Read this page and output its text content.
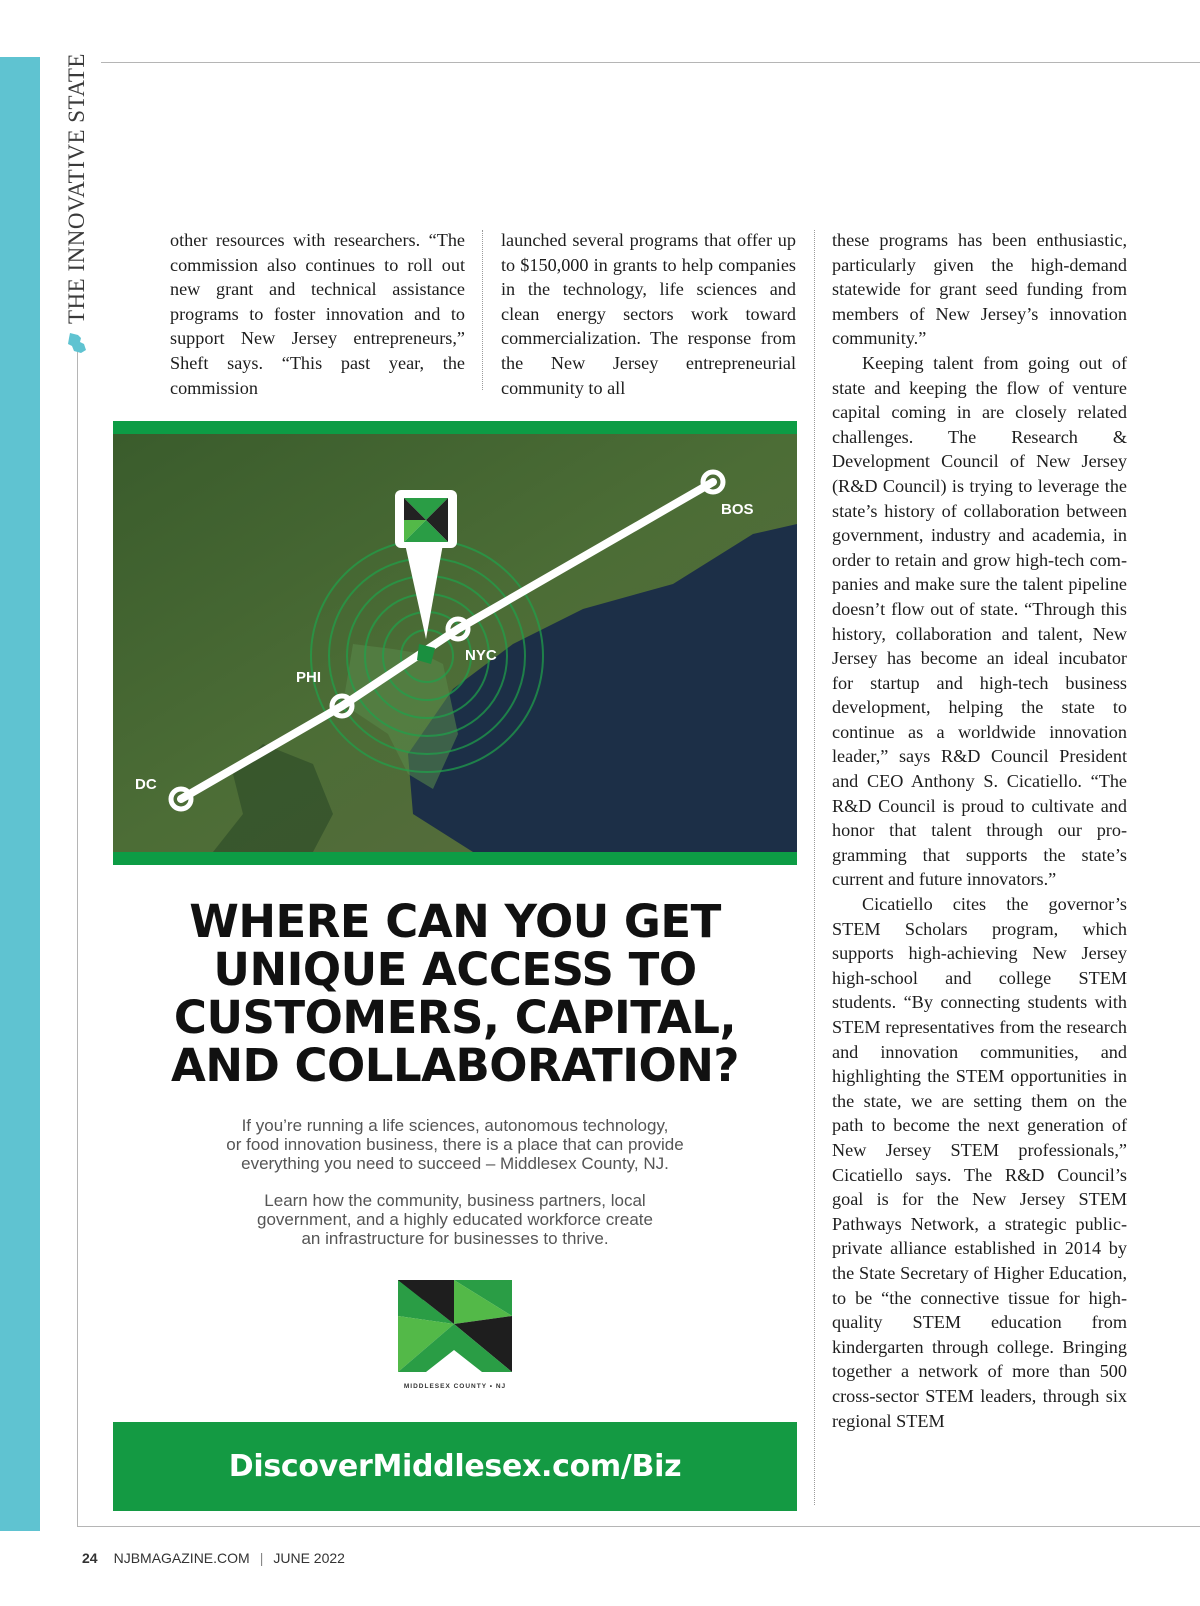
THE INNOVATIVE STATE	other resources with researchers. “The commission also continues to roll out new grant and technical assistance programs to foster innovation and to support New Jersey entrepreneurs,” Sheft says. “This past year, the commission

launched several programs that offer up to $150,000 in grants to help companies in the technology, life sciences and clean energy sectors work toward commercialization. The response from the New Jersey entrepreneurial community to all

these programs has been enthusiastic, particularly given the high-demand statewide for grant seed funding from members of New Jersey’s innovation community.”

Keeping talent from going out of state and keeping the flow of venture capital coming in are closely related challenges. The Research & Development Council of New Jersey (R&D Council) is trying to leverage the state’s history of collaboration between government, industry and academia, in order to retain and grow high-tech companies and make sure the talent pipeline doesn’t flow out of state. “Through this history, collaboration and talent, New Jersey has become an ideal incubator for startup and high-tech business development, helping the state to continue as a worldwide innovation leader,” says R&D Council President and CEO Anthony S. Cicatiello. “The R&D Council is proud to cultivate and honor that talent through our programming that supports the state’s current and future innovators.”

Cicatiello cites the governor’s STEM Scholars program, which supports high-achieving New Jersey high-school and college STEM students. “By connecting students with STEM representatives from the research and innovation communities, and highlighting the STEM opportunities in the state, we are setting them on the path to become the next generation of New Jersey STEM professionals,” Cicatiello says. The R&D Council’s goal is for the New Jersey STEM Pathways Network, a strategic public-private alliance established in 2014 by the State Secretary of Higher Education, to be “the connective tissue for high-quality STEM education from kindergarten through college. Bringing together a network of more than 500 cross-sector STEM leaders, through six regional STEM

BOS
NYC
PHI
DC
WHERE CAN YOU GET
UNIQUE ACCESS TO
CUSTOMERS, CAPITAL,
AND COLLABORATION?
If you’re running a life sciences, autonomous technology,
or food innovation business, there is a place that can provide
everything you need to succeed – Middlesex County, NJ.
Learn how the community, business partners, local
government, and a highly educated workforce create
an infrastructure for businesses to thrive.
MIDDLESEX COUNTY • NJ
DiscoverMiddlesex.com/Biz
24 NJBMAGAZINE.COM | JUNE 2022
